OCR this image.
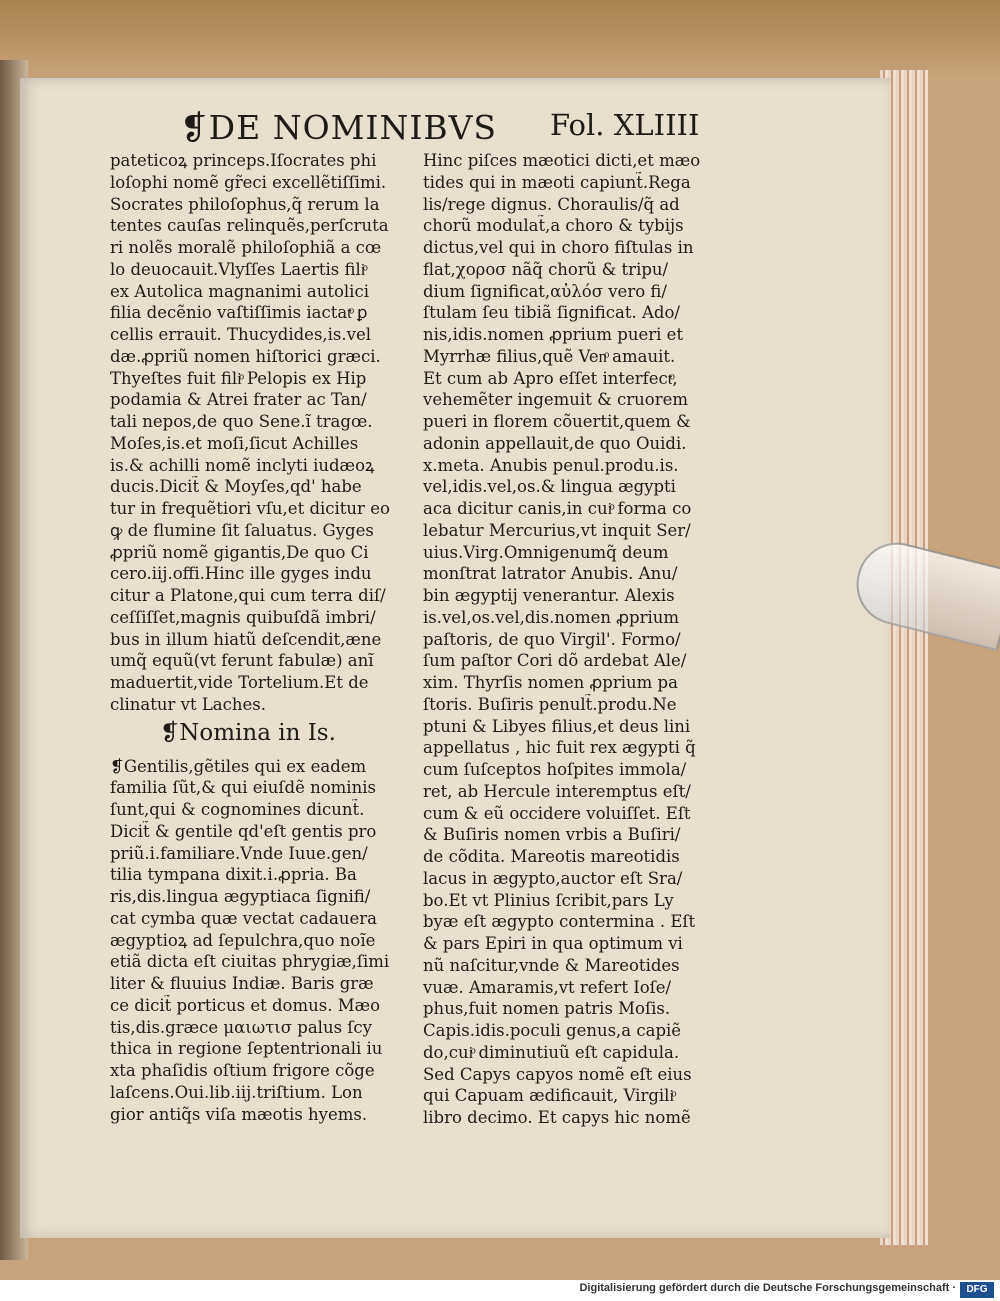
❡DE NOMINIBVS Fol. XLIIII
pateticoꝝ princeps.Iſocrates phi
loſophi nomẽ gr̃eci excellẽtiſſimi.
Socrates philoſophus,q̃ rerum la
tentes cauſas relinquẽs,perſcruta
ri nolẽs moralẽ philoſophiã a cœ
lo deuocauit.Vlyſſes Laertis filiͦ
ex Autolica magnanimi autolici
filia decẽnio vaſtiſſimis iactatͦ ꝑ
cellis errauit. Thucydides,is.vel
dæ.ꝓpriũ nomen hiſtorici græci.
Thyeſtes fuit filiͦ Pelopis ex Hip
podamia & Atrei frater ac Tan/
tali nepos,de quo Sene.ĩ tragœ.
Moſes,is.et moſi,ſicut Achilles
is.& achilli nomẽ inclyti iudæoꝝ
ducis.Dicit̃ & Moyſes,qd' habe
tur in frequẽtiori vſu,et dicitur eo
ꝙ de flumine ſit ſaluatus. Gyges
ꝓpriũ nomẽ gigantis,De quo Ci
cero.iij.offi.Hinc ille gyges indu
citur a Platone,qui cum terra diſ/
ceſſiſſet,magnis quibuſdã imbri/
bus in illum hiatũ deſcendit,æne
umq̃ equũ(vt ferunt fabulæ) anĩ
maduertit,vide Tortelium.Et de
clinatur vt Laches.
❡Nomina in Is.
❡Gentilis,gẽtiles qui ex eadem
familia ſũt,& qui eiuſdẽ nominis
ſunt,qui & cognomines dicunt̃.
Dicit̃ & gentile qd'eſt gentis pro
priũ.i.familiare.Vnde Iuue.gen/
tilia tympana dixit.i.ꝓpria. Ba
ris,dis.lingua ægyptiaca ſignifi/
cat cymba quæ vectat cadauera
ægyptioꝝ ad ſepulchra,quo noĩe
etiã dicta eſt ciuitas phrygiæ,ſimi
liter & fluuius Indiæ. Baris græ
ce dicit̃ porticus et domus. Mæo
tis,dis.græce μαιωτισ palus ſcy
thica in regione ſeptentrionali iu
xta phaſidis oſtium frigore cõge
laſcens.Oui.lib.iij.triſtium. Lon
gior antiq̃s viſa mæotis hyems.
Hinc piſces mæotici dicti,et mæo
tides qui in mæoti capiunt̃.Rega
lis/rege dignus. Choraulis/q̃ ad
chorũ modulat̃,a choro & tybijs
dictus,vel qui in choro fiſtulas in
flat,χοροσ nãq̃ chorũ & tripu/
dium ſignificat,αὐλόσ vero fi/
ſtulam ſeu tibiã ſignificat. Ado/
nis,idis.nomen ꝓprium pueri et
Myrrhæ filius,quẽ Venͦ amauit.
Et cum ab Apro eſſet interfectͦ,
vehemẽter ingemuit & cruorem
pueri in florem cõuertit,quem &
adonin appellauit,de quo Ouidi.
x.meta. Anubis penul.produ.is.
vel,idis.vel,os.& lingua ægypti
aca dicitur canis,in cuiͦ forma co
lebatur Mercurius,vt inquit Ser/
uius.Virg.Omnigenumq̃ deum
monſtrat latrator Anubis. Anu/
bin ægyptij venerantur. Alexis
is.vel,os.vel,dis.nomen ꝓprium
paſtoris, de quo Virgil'. Formo/
ſum paſtor Cori dõ ardebat Ale/
xim. Thyrſis nomen ꝓprium pa
ſtoris. Buſiris penult̃.produ.Ne
ptuni & Libyes filius,et deus lini
appellatus , hic fuit rex ægypti q̃
cum ſuſceptos hoſpites immola/
ret, ab Hercule interemptus eſt/
cum & eũ occidere voluiſſet. Eſt
& Buſiris nomen vrbis a Buſiri/
de cõdita. Mareotis mareotidis
lacus in ægypto,auctor eſt Sra/
bo.Et vt Plinius ſcribit,pars Ly
byæ eſt ægypto contermina . Eſt
& pars Epiri in qua optimum vi
nũ naſcitur,vnde & Mareotides
vuæ. Amaramis,vt refert Ioſe/
phus,fuit nomen patris Moſis.
Capis.idis.poculi genus,a capiẽ
do,cuiͦ diminutiuũ eſt capidula.
Sed Capys capyos nomẽ eſt eius
qui Capuam ædificauit, Virgiliͦ
libro decimo. Et capys hic nomẽ
Digitalisierung gefördert durch die Deutsche Forschungsgemeinschaft ·	DFG
